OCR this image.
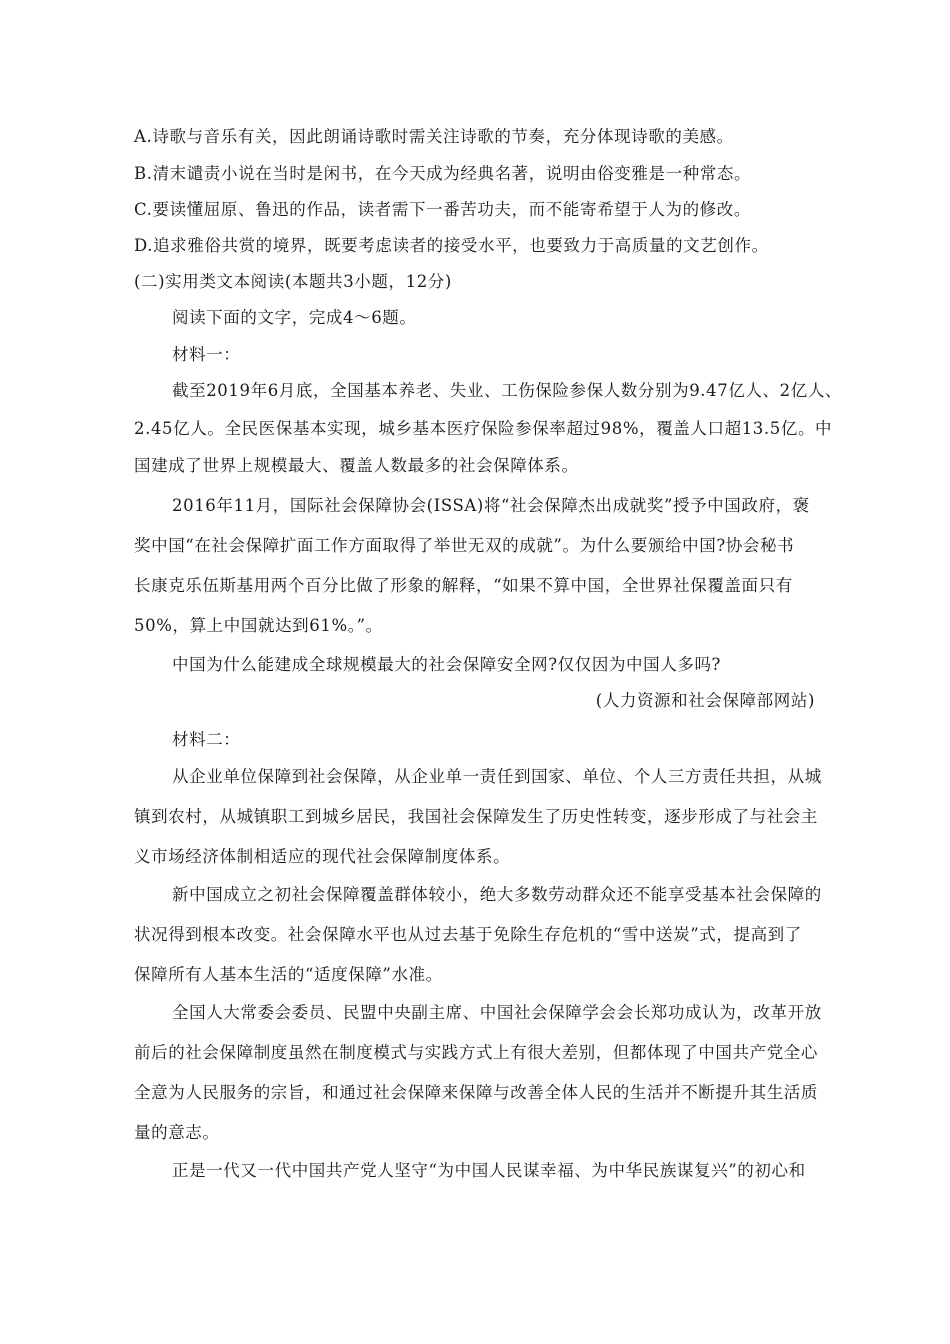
A.诗歌与音乐有关，因此朗诵诗歌时需关注诗歌的节奏，充分体现诗歌的美感。
B.清末谴责小说在当时是闲书，在今天成为经典名著，说明由俗变雅是一种常态。
C.要读懂屈原、鲁迅的作品，读者需下一番苦功夫，而不能寄希望于人为的修改。
D.追求雅俗共赏的境界，既要考虑读者的接受水平，也要致力于高质量的文艺创作。
(二)实用类文本阅读(本题共3小题，12分)
阅读下面的文字，完成4～6题。
材料一：
截至2019年6月底，全国基本养老、失业、工伤保险参保人数分别为9.47亿人、2亿人、
2.45亿人。全民医保基本实现，城乡基本医疗保险参保率超过98%，覆盖人口超13.5亿。中
国建成了世界上规模最大、覆盖人数最多的社会保障体系。
2016年11月，国际社会保障协会(ISSA)将“社会保障杰出成就奖”授予中国政府，褒
奖中国“在社会保障扩面工作方面取得了举世无双的成就”。为什么要颁给中国?协会秘书
长康克乐伍斯基用两个百分比做了形象的解释，“如果不算中国，全世界社保覆盖面只有
50%，算上中国就达到61%。”。
中国为什么能建成全球规模最大的社会保障安全网?仅仅因为中国人多吗?
(人力资源和社会保障部网站)
材料二：
从企业单位保障到社会保障，从企业单一责任到国家、单位、个人三方责任共担，从城
镇到农村，从城镇职工到城乡居民，我国社会保障发生了历史性转变，逐步形成了与社会主
义市场经济体制相适应的现代社会保障制度体系。
新中国成立之初社会保障覆盖群体较小，绝大多数劳动群众还不能享受基本社会保障的
状况得到根本改变。社会保障水平也从过去基于免除生存危机的“雪中送炭”式，提高到了
保障所有人基本生活的“适度保障”水准。
全国人大常委会委员、民盟中央副主席、中国社会保障学会会长郑功成认为，改革开放
前后的社会保障制度虽然在制度模式与实践方式上有很大差别，但都体现了中国共产党全心
全意为人民服务的宗旨，和通过社会保障来保障与改善全体人民的生活并不断提升其生活质
量的意志。
正是一代又一代中国共产党人坚守“为中国人民谋幸福、为中华民族谋复兴”的初心和
